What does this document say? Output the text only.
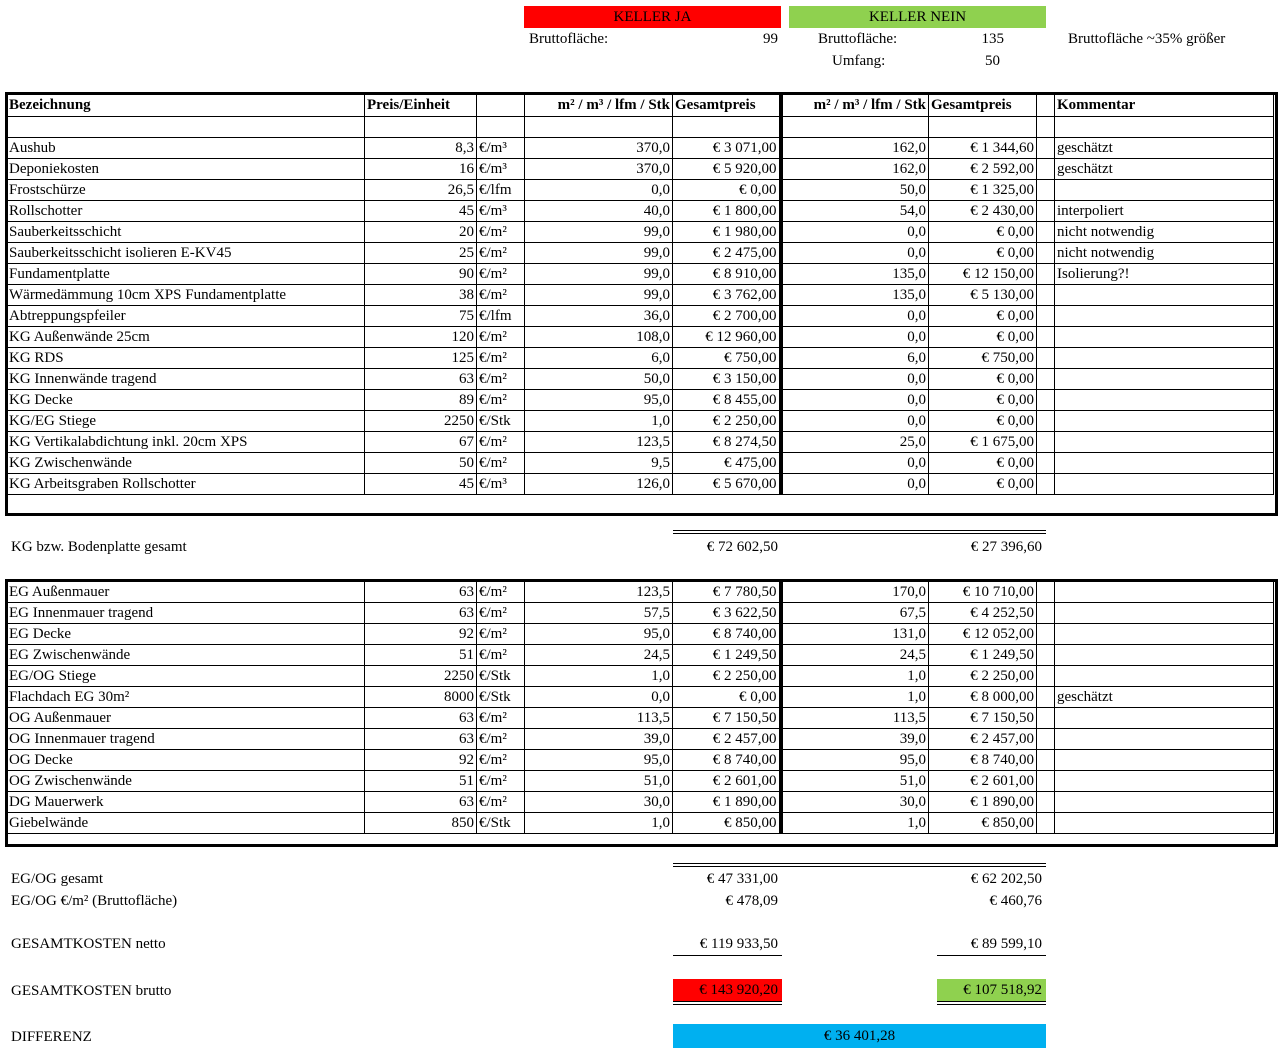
KELLER JA	KELLER NEIN
Bruttofläche:	99	Bruttofläche:	135	Bruttofläche ~35% größer
Umfang:	50
Bezeichnung	Preis/Einheit		m² / m³ / lfm / Stk	Gesamtpreis	m² / m³ / lfm / Stk	Gesamtpreis		Kommentar

Aushub	8,3	€/m³	370,0	€ 3 071,00	162,0	€ 1 344,60		geschätzt
Deponiekosten	16	€/m³	370,0	€ 5 920,00	162,0	€ 2 592,00		geschätzt
Frostschürze	26,5	€/lfm	0,0	€ 0,00	50,0	€ 1 325,00		
Rollschotter	45	€/m³	40,0	€ 1 800,00	54,0	€ 2 430,00		interpoliert
Sauberkeitsschicht	20	€/m²	99,0	€ 1 980,00	0,0	€ 0,00		nicht notwendig
Sauberkeitsschicht isolieren E-KV45	25	€/m²	99,0	€ 2 475,00	0,0	€ 0,00		nicht notwendig
Fundamentplatte	90	€/m²	99,0	€ 8 910,00	135,0	€ 12 150,00		Isolierung?!
Wärmedämmung 10cm XPS Fundamentplatte	38	€/m²	99,0	€ 3 762,00	135,0	€ 5 130,00		
Abtreppungspfeiler	75	€/lfm	36,0	€ 2 700,00	0,0	€ 0,00		
KG Außenwände 25cm	120	€/m²	108,0	€ 12 960,00	0,0	€ 0,00		
KG RDS	125	€/m²	6,0	€ 750,00	6,0	€ 750,00		
KG Innenwände tragend	63	€/m²	50,0	€ 3 150,00	0,0	€ 0,00		
KG Decke	89	€/m²	95,0	€ 8 455,00	0,0	€ 0,00		
KG/EG Stiege	2250	€/Stk	1,0	€ 2 250,00	0,0	€ 0,00		
KG Vertikalabdichtung inkl. 20cm XPS	67	€/m²	123,5	€ 8 274,50	25,0	€ 1 675,00		
KG Zwischenwände	50	€/m²	9,5	€ 475,00	0,0	€ 0,00		
KG Arbeitsgraben Rollschotter	45	€/m³	126,0	€ 5 670,00	0,0	€ 0,00		
KG bzw. Bodenplatte gesamt	€ 72 602,50	€ 27 396,60
EG Außenmauer	63	€/m²	123,5	€ 7 780,50	170,0	€ 10 710,00		
EG Innenmauer tragend	63	€/m²	57,5	€ 3 622,50	67,5	€ 4 252,50		
EG Decke	92	€/m²	95,0	€ 8 740,00	131,0	€ 12 052,00		
EG Zwischenwände	51	€/m²	24,5	€ 1 249,50	24,5	€ 1 249,50		
EG/OG Stiege	2250	€/Stk	1,0	€ 2 250,00	1,0	€ 2 250,00		
Flachdach EG 30m²	8000	€/Stk	0,0	€ 0,00	1,0	€ 8 000,00		geschätzt
OG Außenmauer	63	€/m²	113,5	€ 7 150,50	113,5	€ 7 150,50		
OG Innenmauer tragend	63	€/m²	39,0	€ 2 457,00	39,0	€ 2 457,00		
OG Decke	92	€/m²	95,0	€ 8 740,00	95,0	€ 8 740,00		
OG Zwischenwände	51	€/m²	51,0	€ 2 601,00	51,0	€ 2 601,00		
DG Mauerwerk	63	€/m²	30,0	€ 1 890,00	30,0	€ 1 890,00		
Giebelwände	850	€/Stk	1,0	€ 850,00	1,0	€ 850,00		
EG/OG gesamt	€ 47 331,00	€ 62 202,50
EG/OG €/m² (Bruttofläche)	€ 478,09	€ 460,76
GESAMTKOSTEN netto	€ 119 933,50	€ 89 599,10
GESAMTKOSTEN brutto	€ 143 920,20	€ 107 518,92
DIFFERENZ	€ 36 401,28
